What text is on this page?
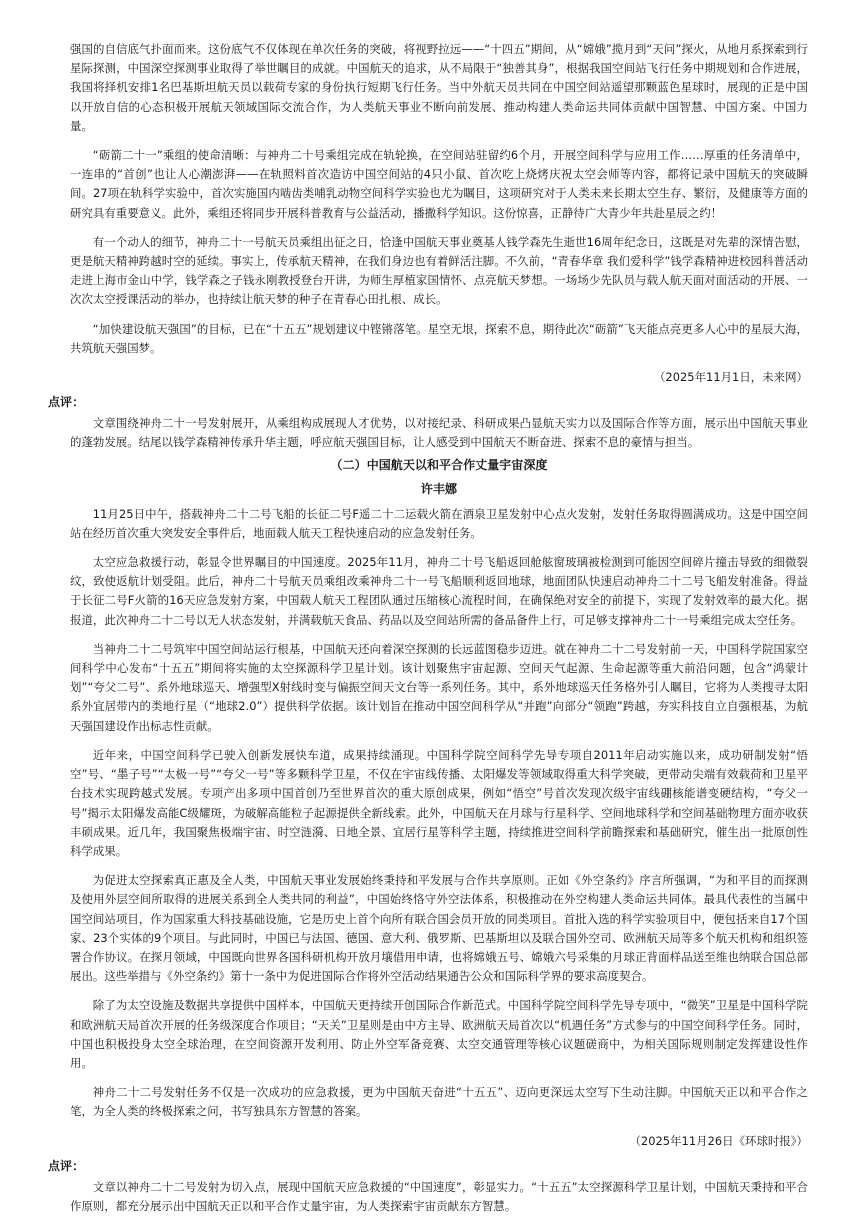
强国的自信底气扑面而来。这份底气不仅体现在单次任务的突破，将视野拉远——“十四五”期间，从“嫦娥”揽月到“天问”探火，从地月系探索到行星际探测，中国深空探测事业取得了举世瞩目的成就。中国航天的追求，从不局限于“独善其身”，根据我国空间站飞行任务中期规划和合作进展，我国将择机安排1名巴基斯坦航天员以载荷专家的身份执行短期飞行任务。当中外航天员共同在中国空间站遥望那颗蓝色星球时，展现的正是中国以开放自信的心态积极开展航天领域国际交流合作，为人类航天事业不断向前发展、推动构建人类命运共同体贡献中国智慧、中国方案、中国力量。

“砺箭二十一”乘组的使命清晰：与神舟二十号乘组完成在轨轮换，在空间站驻留约6个月，开展空间科学与应用工作……厚重的任务清单中，一连串的“首创”也让人心潮澎湃——在轨照料首次造访中国空间站的4只小鼠、首次吃上烧烤庆祝太空会师等内容，都将记录中国航天的突破瞬间。27项在轨科学实验中，首次实施国内啮齿类哺乳动物空间科学实验也尤为瞩目，这项研究对于人类未来长期太空生存、繁衍，及健康等方面的研究具有重要意义。此外，乘组还将同步开展科普教育与公益活动，播撒科学知识。这份惊喜，正静待广大青少年共赴星辰之约！

有一个动人的细节，神舟二十一号航天员乘组出征之日，恰逢中国航天事业奠基人钱学森先生逝世16周年纪念日，这既是对先辈的深情告慰，更是航天精神跨越时空的延续。事实上，传承航天精神，在我们身边也有着鲜活注脚。不久前，“青春华章 我们爱科学”钱学森精神进校园科普活动走进上海市金山中学，钱学森之子钱永刚教授登台开讲，为师生厚植家国情怀、点亮航天梦想。一场场少先队员与载人航天面对面活动的开展、一次次太空授课活动的举办，也持续让航天梦的种子在青春心田扎根、成长。

“加快建设航天强国”的目标，已在“十五五”规划建议中铿锵落笔。星空无垠，探索不息，期待此次“砺箭”飞天能点亮更多人心中的星辰大海，共筑航天强国梦。

（2025年11月1日，未来网）

点评：

文章围绕神舟二十一号发射展开，从乘组构成展现人才优势，以对接纪录、科研成果凸显航天实力以及国际合作等方面，展示出中国航天事业的蓬勃发展。结尾以钱学森精神传承升华主题，呼应航天强国目标，让人感受到中国航天不断奋进、探索不息的豪情与担当。

（二）中国航天以和平合作丈量宇宙深度

许丰娜

11月25日中午，搭载神舟二十二号飞船的长征二号F遥二十二运载火箭在酒泉卫星发射中心点火发射，发射任务取得圆满成功。这是中国空间站在经历首次重大突发安全事件后，地面载人航天工程快速启动的应急发射任务。

太空应急救援行动，彰显令世界瞩目的中国速度。2025年11月，神舟二十号飞船返回舱舷窗玻璃被检测到可能因空间碎片撞击导致的细微裂纹，致使返航计划受阻。此后，神舟二十号航天员乘组改乘神舟二十一号飞船顺利返回地球，地面团队快速启动神舟二十二号飞船发射准备。得益于长征二号F火箭的16天应急发射方案，中国载人航天工程团队通过压缩核心流程时间，在确保绝对安全的前提下，实现了发射效率的最大化。据报道，此次神舟二十二号以无人状态发射，并满载航天食品、药品以及空间站所需的备品备件上行，可足够支撑神舟二十一号乘组完成太空任务。

当神舟二十二号筑牢中国空间站运行根基，中国航天还向着深空探测的长远蓝图稳步迈进。就在神舟二十二号发射前一天，中国科学院国家空间科学中心发布“十五五”期间将实施的太空探源科学卫星计划。该计划聚焦宇宙起源、空间天气起源、生命起源等重大前沿问题，包含“鸿蒙计划”“夸父二号”、系外地球巡天、增强型X射线时变与偏振空间天文台等一系列任务。其中，系外地球巡天任务格外引人瞩目，它将为人类搜寻太阳系外宜居带内的类地行星（“地球2.0”）提供科学依据。该计划旨在推动中国空间科学从“并跑”向部分“领跑”跨越，夯实科技自立自强根基，为航天强国建设作出标志性贡献。

近年来，中国空间科学已驶入创新发展快车道，成果持续涌现。中国科学院空间科学先导专项自2011年启动实施以来，成功研制发射“悟空”号、“墨子号”“太极一号”“夸父一号”等多颗科学卫星，不仅在宇宙线传播、太阳爆发等领域取得重大科学突破，更带动尖端有效载荷和卫星平台技术实现跨越式发展。专项产出多项中国首创乃至世界首次的重大原创成果，例如“悟空”号首次发现次级宇宙线硼核能谱变硬结构，“夸父一号”揭示太阳爆发高能C级耀斑，为破解高能粒子起源提供全新线索。此外，中国航天在月球与行星科学、空间地球科学和空间基础物理方面亦收获丰硕成果。近几年，我国聚焦极端宇宙、时空涟漪、日地全景、宜居行星等科学主题，持续推进空间科学前瞻探索和基础研究，催生出一批原创性科学成果。

为促进太空探索真正惠及全人类，中国航天事业发展始终秉持和平发展与合作共享原则。正如《外空条约》序言所强调，“为和平目的而探测及使用外层空间所取得的进展关系到全人类共同的利益”，中国始终恪守外空法体系，积极推动在外空构建人类命运共同体。最具代表性的当属中国空间站项目，作为国家重大科技基础设施，它是历史上首个向所有联合国会员开放的同类项目。首批入选的科学实验项目中，便包括来自17个国家、23个实体的9个项目。与此同时，中国已与法国、德国、意大利、俄罗斯、巴基斯坦以及联合国外空司、欧洲航天局等多个航天机构和组织签署合作协议。在探月领域，中国既向世界各国科研机构开放月壤借用申请，也将嫦娥五号、嫦娥六号采集的月球正背面样品送至维也纳联合国总部展出。这些举措与《外空条约》第十一条中为促进国际合作将外空活动结果通告公众和国际科学界的要求高度契合。

除了为太空设施及数据共享提供中国样本，中国航天更持续开创国际合作新范式。中国科学院空间科学先导专项中，“微笑”卫星是中国科学院和欧洲航天局首次开展的任务级深度合作项目；“天关”卫星则是由中方主导、欧洲航天局首次以“机遇任务”方式参与的中国空间科学任务。同时，中国也积极投身太空全球治理，在空间资源开发利用、防止外空军备竞赛、太空交通管理等核心议题磋商中，为相关国际规则制定发挥建设性作用。

神舟二十二号发射任务不仅是一次成功的应急救援，更为中国航天奋进“十五五”、迈向更深远太空写下生动注脚。中国航天正以和平合作之笔，为全人类的终极探索之问，书写独具东方智慧的答案。

（2025年11月26日《环球时报》）

点评：

文章以神舟二十二号发射为切入点，展现中国航天应急救援的“中国速度”，彰显实力。“十五五”太空探源科学卫星计划，中国航天秉持和平合作原则，都充分展示出中国航天正以和平合作丈量宇宙，为人类探索宇宙贡献东方智慧。
